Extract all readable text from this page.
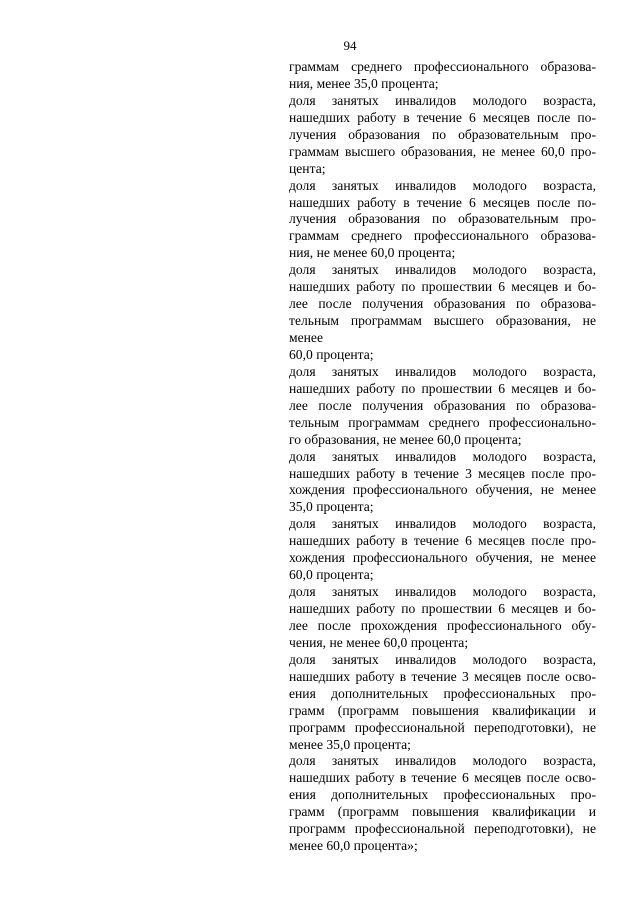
94
граммам среднего профессионального образова-
ния, менее 35,0 процента;
доля занятых инвалидов молодого возраста,
нашедших работу в течение 6 месяцев после по-
лучения образования по образовательным про-
граммам высшего образования, не менее 60,0 про-
цента;
доля занятых инвалидов молодого возраста,
нашедших работу в течение 6 месяцев после по-
лучения образования по образовательным про-
граммам среднего профессионального образова-
ния, не менее 60,0 процента;
доля занятых инвалидов молодого возраста,
нашедших работу по прошествии 6 месяцев и бо-
лее после получения образования по образова-
тельным программам высшего образования, не
менее
60,0 процента;
доля занятых инвалидов молодого возраста,
нашедших работу по прошествии 6 месяцев и бо-
лее после получения образования по образова-
тельным программам среднего профессионально-
го образования, не менее 60,0 процента;
доля занятых инвалидов молодого возраста,
нашедших работу в течение 3 месяцев после про-
хождения профессионального обучения, не менее
35,0 процента;
доля занятых инвалидов молодого возраста,
нашедших работу в течение 6 месяцев после про-
хождения профессионального обучения, не менее
60,0 процента;
доля занятых инвалидов молодого возраста,
нашедших работу по прошествии 6 месяцев и бо-
лее после прохождения профессионального обу-
чения, не менее 60,0 процента;
доля занятых инвалидов молодого возраста,
нашедших работу в течение 3 месяцев после осво-
ения дополнительных профессиональных про-
грамм (программ повышения квалификации и
программ профессиональной переподготовки), не
менее 35,0 процента;
доля занятых инвалидов молодого возраста,
нашедших работу в течение 6 месяцев после осво-
ения дополнительных профессиональных про-
грамм (программ повышения квалификации и
программ профессиональной переподготовки), не
менее 60,0 процента»;
